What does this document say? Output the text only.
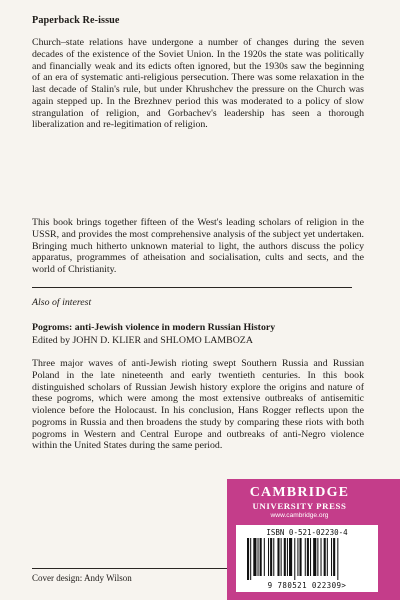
Paperback Re-issue
Church–state relations have undergone a number of changes during the seven decades of the existence of the Soviet Union. In the 1920s the state was politically and financially weak and its edicts often ignored, but the 1930s saw the beginning of an era of systematic anti-religious persecution. There was some relaxation in the last decade of Stalin's rule, but under Khrushchev the pressure on the Church was again stepped up. In the Brezhnev period this was moderated to a policy of slow strangulation of religion, and Gorbachev's leadership has seen a thorough liberalization and re-legitimation of religion.
This book brings together fifteen of the West's leading scholars of religion in the USSR, and provides the most comprehensive analysis of the subject yet undertaken. Bringing much hitherto unknown material to light, the authors discuss the policy apparatus, programmes of atheisation and socialisation, cults and sects, and the world of Christianity.
Also of interest
Pogroms: anti-Jewish violence in modern Russian History
Edited by JOHN D. KLIER and SHLOMO LAMBOZA
Three major waves of anti-Jewish rioting swept Southern Russia and Russian Poland in the late nineteenth and early twentieth centuries. In this book distinguished scholars of Russian Jewish history explore the origins and nature of these pogroms, which were among the most extensive outbreaks of antisemitic violence before the Holocaust. In his conclusion, Hans Rogger reflects upon the pogroms in Russia and then broadens the study by comparing these riots with both pogroms in Western and Central Europe and outbreaks of anti-Negro violence within the United States during the same period.
Cover design: Andy Wilson
CAMBRIDGE
UNIVERSITY PRESS
www.cambridge.org
ISBN 0-521-02230-4
9 780521 022309>
